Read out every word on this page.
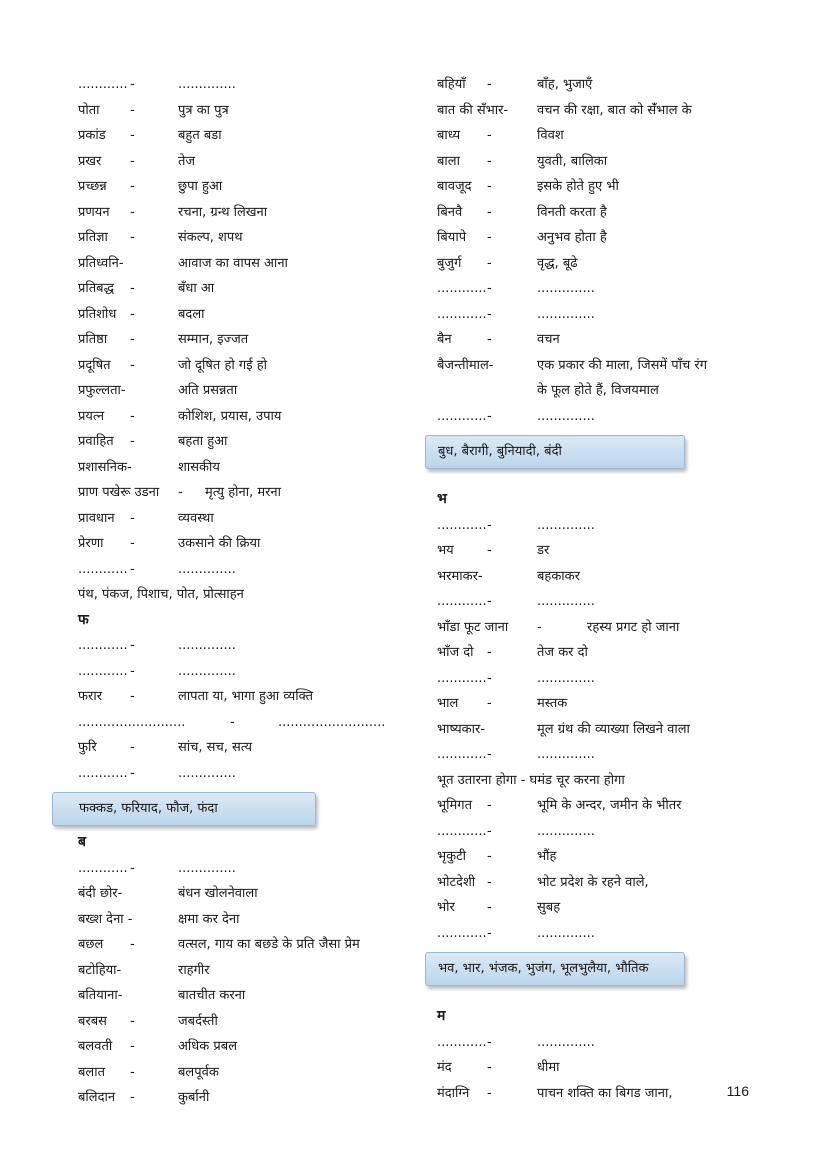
............ -	..............
पोता -	पुत्र का पुत्र
प्रकांड -	बहुत बडा
प्रखर -	तेज
प्रच्छन्न -	छुपा हुआ
प्रणयन -	रचना, ग्रन्थ लिखना
प्रतिज्ञा -	संकल्प, शपथ
प्रतिध्वनि-	आवाज का वापस आना
प्रतिबद्ध -	बँधा आ
प्रतिशोध -	बदला
प्रतिष्ठा -	सम्मान, इज्जत
प्रदूषित -	जो दूषित हो गई हो
प्रफुल्लता-	अति प्रसन्नता
प्रयत्न -	कोशिश, प्रयास, उपाय
प्रवाहित -	बहता हुआ
प्रशासनिक-	शासकीय
प्राण पखेरू उडना - मृत्यु होना, मरना
प्रावधान -	व्यवस्था
प्रेरणा -	उकसाने की क्रिया
............ -	..............
पंथ, पंकज, पिशाच, पोत, प्रोत्साहन
फ
............ -	..............
............ -	..............
फरार -	लापता या, भागा हुआ व्यक्ति
..........................	-	..........................
फुरि	-	सांच, सच, सत्य
............ -	..............
फक्कड, फरियाद, फौज, फंदा
ब
............ -	..............
बंदी छोर-	बंधन खोलनेवाला
बख्श देना -	क्षमा कर देना
बछल -	वत्सल, गाय का बछडे के प्रति जैसा प्रेम
बटोहिया-	राहगीर
बतियाना-	बातचीत करना
बरबस -	जबर्दस्ती
बलवती -	अधिक प्रबल
बलात -	बलपूर्वक
बलिदान -	कुर्बानी
बहियाँ -	बाँह, भुजाएँ
बात की सँभार- वचन की रक्षा, बात को संँभाल के
बाध्य -	विवश
बाला -	युवती, बालिका
बावजूद -	इसके होते हुए भी
बिनवै -	विनती करता है
बियापे -	अनुभव होता है
बुजुर्ग -	वृद्ध, बूढे
............ -	..............
............ -	..............
बैन	-	वचन
बैजन्तीमाल-	एक प्रकार की माला, जिसमें पाँच रंग
के फूल होते हैं, विजयमाल
............ -	..............
बुध, बैरागी, बुनियादी, बंदी
भ
............ -	..............
भय	-	डर
भरमाकर-	बहकाकर
............ -	..............
भाँडा फूट जाना -	रहस्य प्रगट हो जाना
भाँज दो -	तेज कर दो
............ -	..............
भाल -	मस्तक
भाष्यकार-	मूल ग्रंथ की व्याख्या लिखने वाला
............ -	..............
भूत उतारना होगा - घमंड चूर करना होगा
भूमिगत -	भूमि के अन्दर, जमीन के भीतर
............ -	..............
भृकुटी -	भौंह
भोटदेशी -	भोट प्रदेश के रहने वाले,
भोर -	सुबह
............ -	..............
भव, भार, भंजक, भुजंग, भूलभुलैया, भौतिक
म
............ -	..............
मंद	-	धीमा
मंदाग्नि -	पाचन शक्ति का बिगड जाना,	116
